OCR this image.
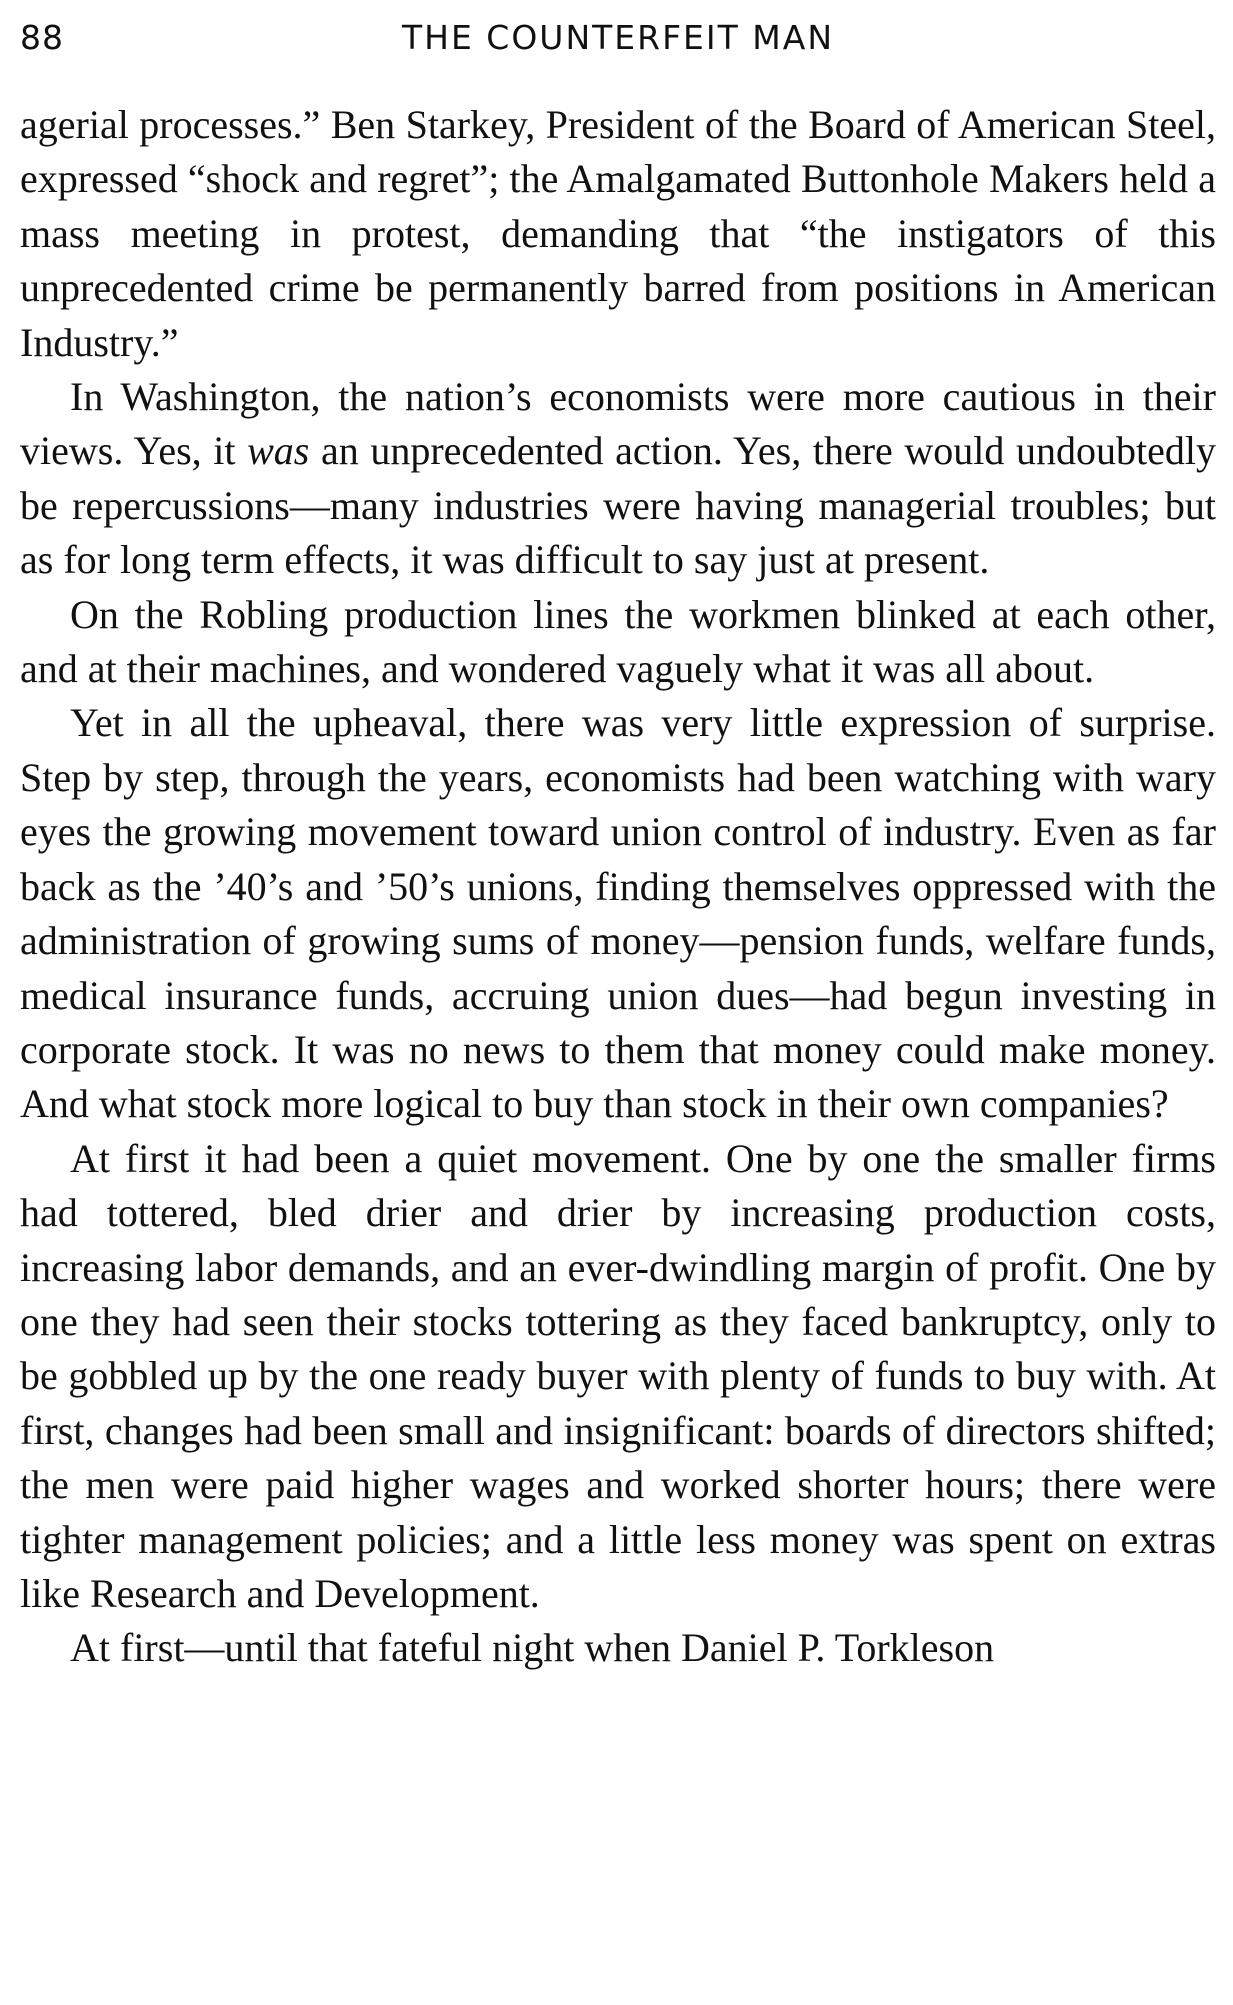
88	THE COUNTERFEIT MAN

agerial processes.” Ben Starkey, President of the Board of American Steel, expressed “shock and regret”; the Amalgamated Buttonhole Makers held a mass meeting in protest, demanding that “the instigators of this unprecedented crime be permanently barred from positions in American Industry.”

In Washington, the nation’s economists were more cautious in their views. Yes, it was an unprecedented action. Yes, there would undoubtedly be repercussions—many industries were having managerial troubles; but as for long term effects, it was difficult to say just at present.

On the Robling production lines the workmen blinked at each other, and at their machines, and wondered vaguely what it was all about.

Yet in all the upheaval, there was very little expression of surprise. Step by step, through the years, economists had been watching with wary eyes the growing movement toward union control of industry. Even as far back as the ’40’s and ’50’s unions, finding themselves oppressed with the administration of growing sums of money—pension funds, welfare funds, medical insurance funds, accruing union dues—had begun investing in corporate stock. It was no news to them that money could make money. And what stock more logical to buy than stock in their own companies?

At first it had been a quiet movement. One by one the smaller firms had tottered, bled drier and drier by increasing production costs, increasing labor demands, and an ever-dwindling margin of profit. One by one they had seen their stocks tottering as they faced bankruptcy, only to be gobbled up by the one ready buyer with plenty of funds to buy with. At first, changes had been small and insignificant: boards of directors shifted; the men were paid higher wages and worked shorter hours; there were tighter management policies; and a little less money was spent on extras like Research and Development.

At first—until that fateful night when Daniel P. Torkleson
